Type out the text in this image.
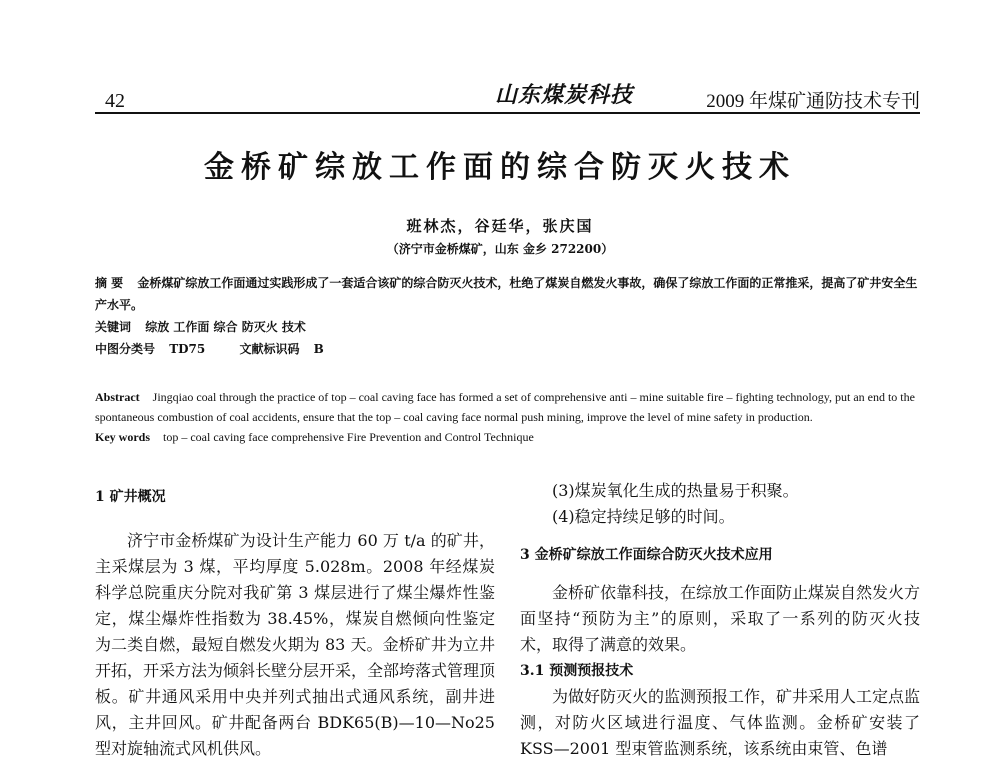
42	山东煤炭科技	2009 年煤矿通防技术专刊
金桥矿综放工作面的综合防灭火技术
班林杰，谷廷华，张庆国
（济宁市金桥煤矿，山东 金乡 272200）
摘 要 金桥煤矿综放工作面通过实践形成了一套适合该矿的综合防灭火技术，杜绝了煤炭自燃发火事故，确保了综放工作面的正常推采，提高了矿井安全生产水平。
关键词 综放 工作面 综合 防灭火 技术
中图分类号 TD75	文献标识码 B
Abstract Jingqiao coal through the practice of top – coal caving face has formed a set of comprehensive anti – mine suitable fire – fighting technology, put an end to the spontaneous combustion of coal accidents, ensure that the top – coal caving face normal push mining, improve the level of mine safety in production.
Key words top – coal caving face comprehensive Fire Prevention and Control Technique

1 矿井概况

济宁市金桥煤矿为设计生产能力 60 万 t/a 的矿井，主采煤层为 3 煤，平均厚度 5.028m。2008 年经煤炭科学总院重庆分院对我矿第 3 煤层进行了煤尘爆炸性鉴定，煤尘爆炸性指数为 38.45%，煤炭自燃倾向性鉴定为二类自燃，最短自燃发火期为 83 天。金桥矿井为立井开拓，开采方法为倾斜长壁分层开采，全部垮落式管理顶板。矿井通风采用中央并列式抽出式通风系统，副井进风，主井回风。矿井配备两台 BDK65(B)—10—No25 型对旋轴流式风机供风。

(3)煤炭氧化生成的热量易于积聚。

(4)稳定持续足够的时间。

3 金桥矿综放工作面综合防灭火技术应用

金桥矿依靠科技，在综放工作面防止煤炭自然发火方面坚持“预防为主”的原则，采取了一系列的防灭火技术，取得了满意的效果。

3.1 预测预报技术

为做好防灭火的监测预报工作，矿井采用人工定点监测，对防火区域进行温度、气体监测。金桥矿安装了 KSS—2001 型束管监测系统，该系统由束管、色谱
